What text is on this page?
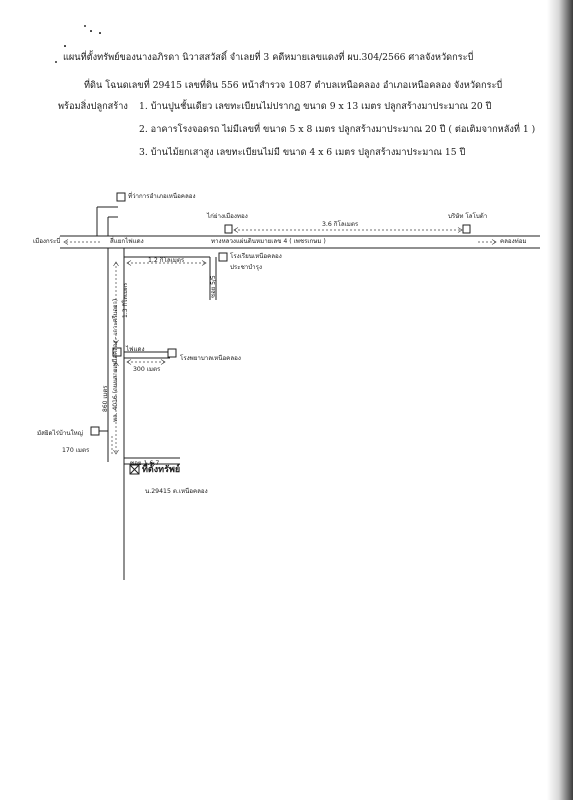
แผนที่ตั้งทรัพย์ของนางอภิรดา นิวาสสวัสดิ์ จำเลยที่ 3 คดีหมายเลขแดงที่ ผบ.304/2566 ศาลจังหวัดกระบี่
ที่ดิน โฉนดเลขที่ 29415 เลขที่ดิน 556 หน้าสำรวจ 1087 ตำบลเหนือคลอง อำเภอเหนือคลอง จังหวัดกระบี่
พร้อมสิ่งปลูกสร้าง 1. บ้านปูนชั้นเดียว เลขทะเบียนไม่ปรากฏ ขนาด 9 x 13 เมตร ปลูกสร้างมาประมาณ 20 ปี
2. อาคารโรงจอดรถ ไม่มีเลขที่ ขนาด 5 x 8 เมตร ปลูกสร้างมาประมาณ 20 ปี ( ต่อเติมจากหลังที่ 1 )
3. บ้านไม้ยกเสาสูง เลขทะเบียนไม่มี ขนาด 4 x 6 เมตร ปลูกสร้างมาประมาณ 15 ปี
ที่ว่าการอำเภอเหนือคลอง
ไก่ย่างเมืองทอง	บริษัท โลโบด้า
3.6 กิโลเมตร
เมืองกระบี่	สี่แยกไฟแดง	ทางหลวงแผ่นดินหมายเลข 4 ( เพชรเกษม )	คลองท่อม
1.2 กิโลเมตร
โรงเรียนเหนือคลอง
ประชาบำรุง
ซอย 5/5
1.3 กิโลเมตร
ทล. 4016 (ถนนสายเหนือคลอง - เกาะศรีบอยา) ไฟแดง
โรงพยาบาลเหนือคลอง
300 เมตร
860 เมตร
มัสยิดไร่บ้านใหญ่
170 เมตร
ซอย 1.6.7
ที่ตั้งทรัพย์
น.29415 ต.เหนือคลอง
